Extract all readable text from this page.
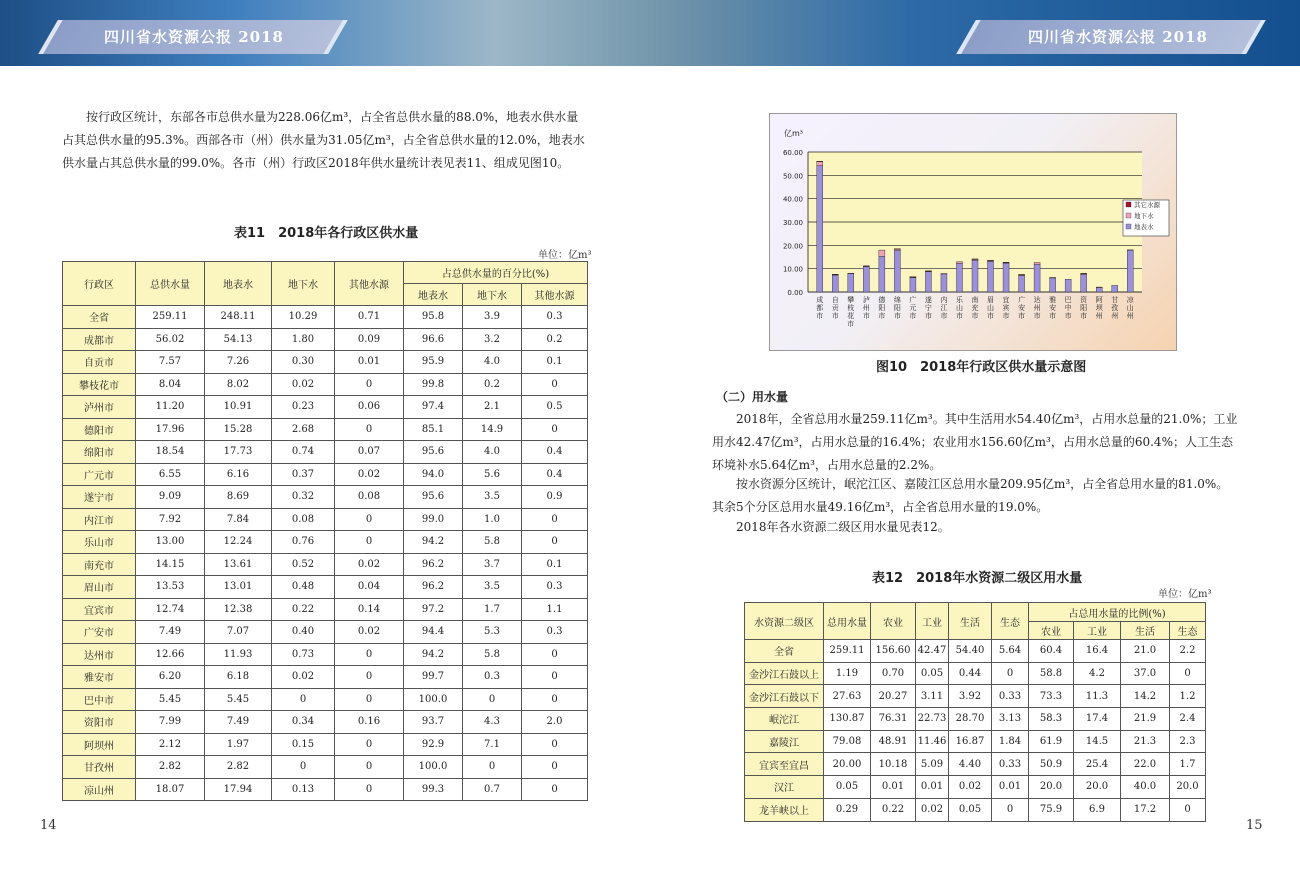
四川省水资源公报 2018	四川省水资源公报 2018
按行政区统计，东部各市总供水量为228.06亿m³，占全省总供水量的88.0%，地表水供水量占其总供水量的95.3%。西部各市（州）供水量为31.05亿m³，占全省总供水量的12.0%，地表水供水量占其总供水量的99.0%。各市（州）行政区2018年供水量统计表见表11、组成见图10。
表11　2018年各行政区供水量
单位：亿m³
行政区	总供水量	地表水	地下水	其他水源	占总供水量的百分比(%)		
					地表水	地下水	其他水源
全省	259.11	248.11	10.29	0.71	95.8	3.9	0.3
成都市	56.02	54.13	1.80	0.09	96.6	3.2	0.2
自贡市	7.57	7.26	0.30	0.01	95.9	4.0	0.1
攀枝花市	8.04	8.02	0.02	0	99.8	0.2	0
泸州市	11.20	10.91	0.23	0.06	97.4	2.1	0.5
德阳市	17.96	15.28	2.68	0	85.1	14.9	0
绵阳市	18.54	17.73	0.74	0.07	95.6	4.0	0.4
广元市	6.55	6.16	0.37	0.02	94.0	5.6	0.4
遂宁市	9.09	8.69	0.32	0.08	95.6	3.5	0.9
内江市	7.92	7.84	0.08	0	99.0	1.0	0
乐山市	13.00	12.24	0.76	0	94.2	5.8	0
南充市	14.15	13.61	0.52	0.02	96.2	3.7	0.1
眉山市	13.53	13.01	0.48	0.04	96.2	3.5	0.3
宜宾市	12.74	12.38	0.22	0.14	97.2	1.7	1.1
广安市	7.49	7.07	0.40	0.02	94.4	5.3	0.3
达州市	12.66	11.93	0.73	0	94.2	5.8	0
雅安市	6.20	6.18	0.02	0	99.7	0.3	0
巴中市	5.45	5.45	0	0	100.0	0	0
资阳市	7.99	7.49	0.34	0.16	93.7	4.3	2.0
阿坝州	2.12	1.97	0.15	0	92.9	7.1	0
甘孜州	2.82	2.82	0	0	100.0	0	0
凉山州	18.07	17.94	0.13	0	99.3	0.7	0
14
0.00
10.00
20.00
30.00
40.00
50.00
60.00
亿m³
成都市
自贡市
攀枝花市
泸州市
德阳市
绵阳市
广元市
遂宁市
内江市
乐山市
南充市
眉山市
宜宾市
广安市
达州市
雅安市
巴中市
资阳市
阿坝州
甘孜州
凉山州
其它水源
地下水
地表水
图10　2018年行政区供水量示意图
（二）用水量
2018年，全省总用水量259.11亿m³。其中生活用水54.40亿m³，占用水总量的21.0%；工业用水42.47亿m³，占用水总量的16.4%；农业用水156.60亿m³，占用水总量的60.4%；人工生态环境补水5.64亿m³，占用水总量的2.2%。
按水资源分区统计，岷沱江区、嘉陵江区总用水量209.95亿m³，占全省总用水量的81.0%。其余5个分区总用水量49.16亿m³，占全省总用水量的19.0%。
2018年各水资源二级区用水量见表12。
表12　2018年水资源二级区用水量
单位：亿m³
水资源二级区	总用水量	农业	工业	生活	生态	占总用水量的比例(%)			
						农业	工业	生活	生态
全省	259.11	156.60	42.47	54.40	5.64	60.4	16.4	21.0	2.2
金沙江石鼓以上	1.19	0.70	0.05	0.44	0	58.8	4.2	37.0	0
金沙江石鼓以下	27.63	20.27	3.11	3.92	0.33	73.3	11.3	14.2	1.2
岷沱江	130.87	76.31	22.73	28.70	3.13	58.3	17.4	21.9	2.4
嘉陵江	79.08	48.91	11.46	16.87	1.84	61.9	14.5	21.3	2.3
宜宾至宜昌	20.00	10.18	5.09	4.40	0.33	50.9	25.4	22.0	1.7
汉江	0.05	0.01	0.01	0.02	0.01	20.0	20.0	40.0	20.0
龙羊峡以上	0.29	0.22	0.02	0.05	0	75.9	6.9	17.2	0
15
